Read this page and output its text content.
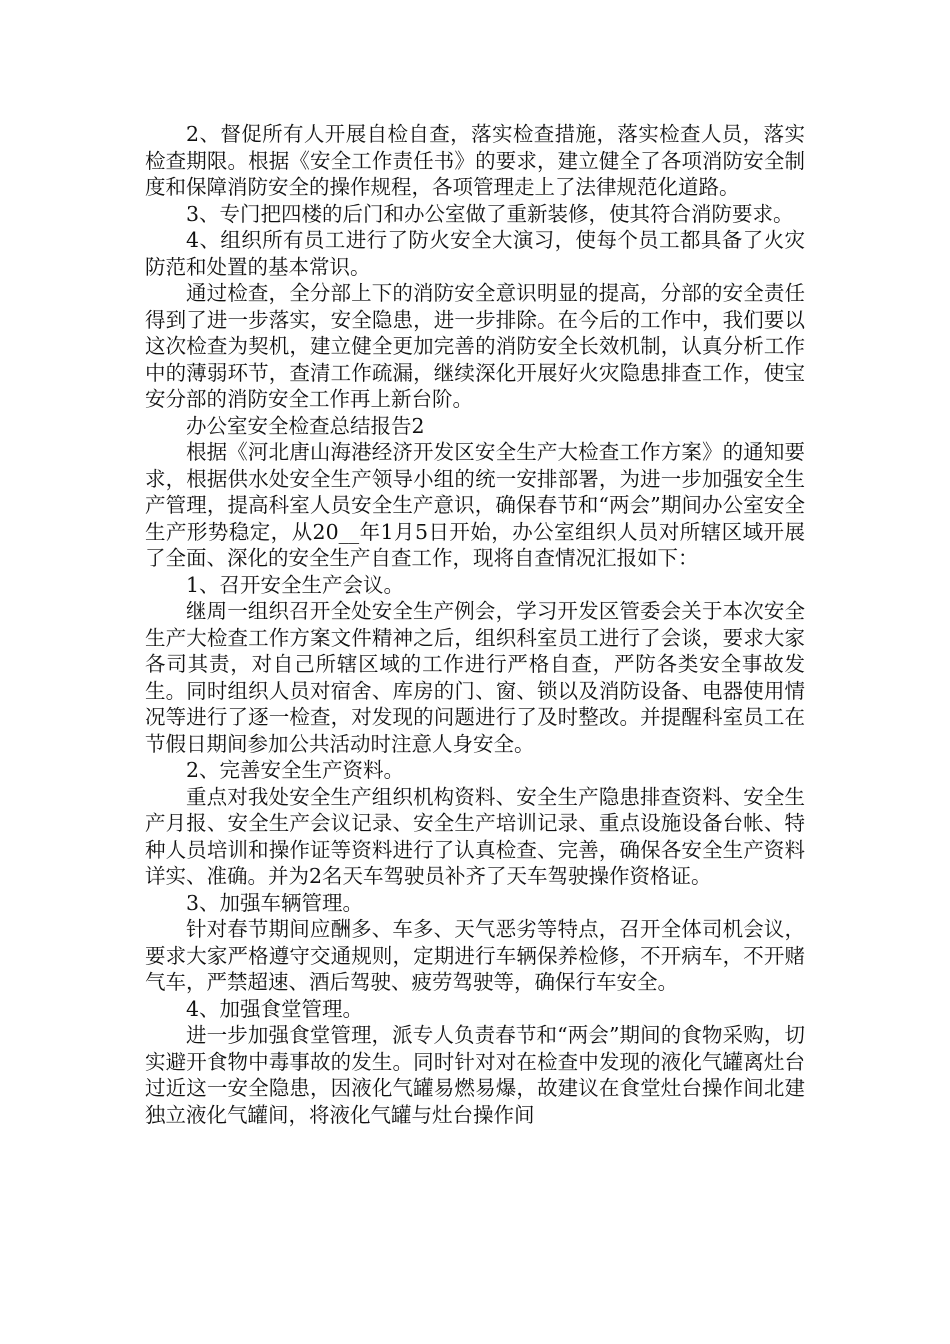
2、督促所有人开展自检自查，落实检查措施，落实检查人员，落实检查期限。根据《安全工作责任书》的要求，建立健全了各项消防安全制度和保障消防安全的操作规程，各项管理走上了法律规范化道路。

3、专门把四楼的后门和办公室做了重新装修，使其符合消防要求。

4、组织所有员工进行了防火安全大演习，使每个员工都具备了火灾防范和处置的基本常识。

通过检查，全分部上下的消防安全意识明显的提高，分部的安全责任得到了进一步落实，安全隐患，进一步排除。在今后的工作中，我们要以这次检查为契机，建立健全更加完善的消防安全长效机制，认真分析工作中的薄弱环节，查清工作疏漏，继续深化开展好火灾隐患排查工作，使宝安分部的消防安全工作再上新台阶。

办公室安全检查总结报告2

根据《河北唐山海港经济开发区安全生产大检查工作方案》的通知要求，根据供水处安全生产领导小组的统一安排部署，为进一步加强安全生产管理，提高科室人员安全生产意识，确保春节和“两会”期间办公室安全生产形势稳定，从20__年1月5日开始，办公室组织人员对所辖区域开展了全面、深化的安全生产自查工作，现将自查情况汇报如下：

1、召开安全生产会议。

继周一组织召开全处安全生产例会，学习开发区管委会关于本次安全生产大检查工作方案文件精神之后，组织科室员工进行了会谈，要求大家各司其责，对自己所辖区域的工作进行严格自查，严防各类安全事故发生。同时组织人员对宿舍、库房的门、窗、锁以及消防设备、电器使用情况等进行了逐一检查，对发现的问题进行了及时整改。并提醒科室员工在节假日期间参加公共活动时注意人身安全。

2、完善安全生产资料。

重点对我处安全生产组织机构资料、安全生产隐患排查资料、安全生产月报、安全生产会议记录、安全生产培训记录、重点设施设备台帐、特种人员培训和操作证等资料进行了认真检查、完善，确保各安全生产资料详实、准确。并为2名天车驾驶员补齐了天车驾驶操作资格证。

3、加强车辆管理。

针对春节期间应酬多、车多、天气恶劣等特点，召开全体司机会议，要求大家严格遵守交通规则，定期进行车辆保养检修，不开病车，不开赌气车，严禁超速、酒后驾驶、疲劳驾驶等，确保行车安全。

4、加强食堂管理。

进一步加强食堂管理，派专人负责春节和“两会”期间的食物采购，切实避开食物中毒事故的发生。同时针对对在检查中发现的液化气罐离灶台过近这一安全隐患，因液化气罐易燃易爆，故建议在食堂灶台操作间北建独立液化气罐间，将液化气罐与灶台操作间
